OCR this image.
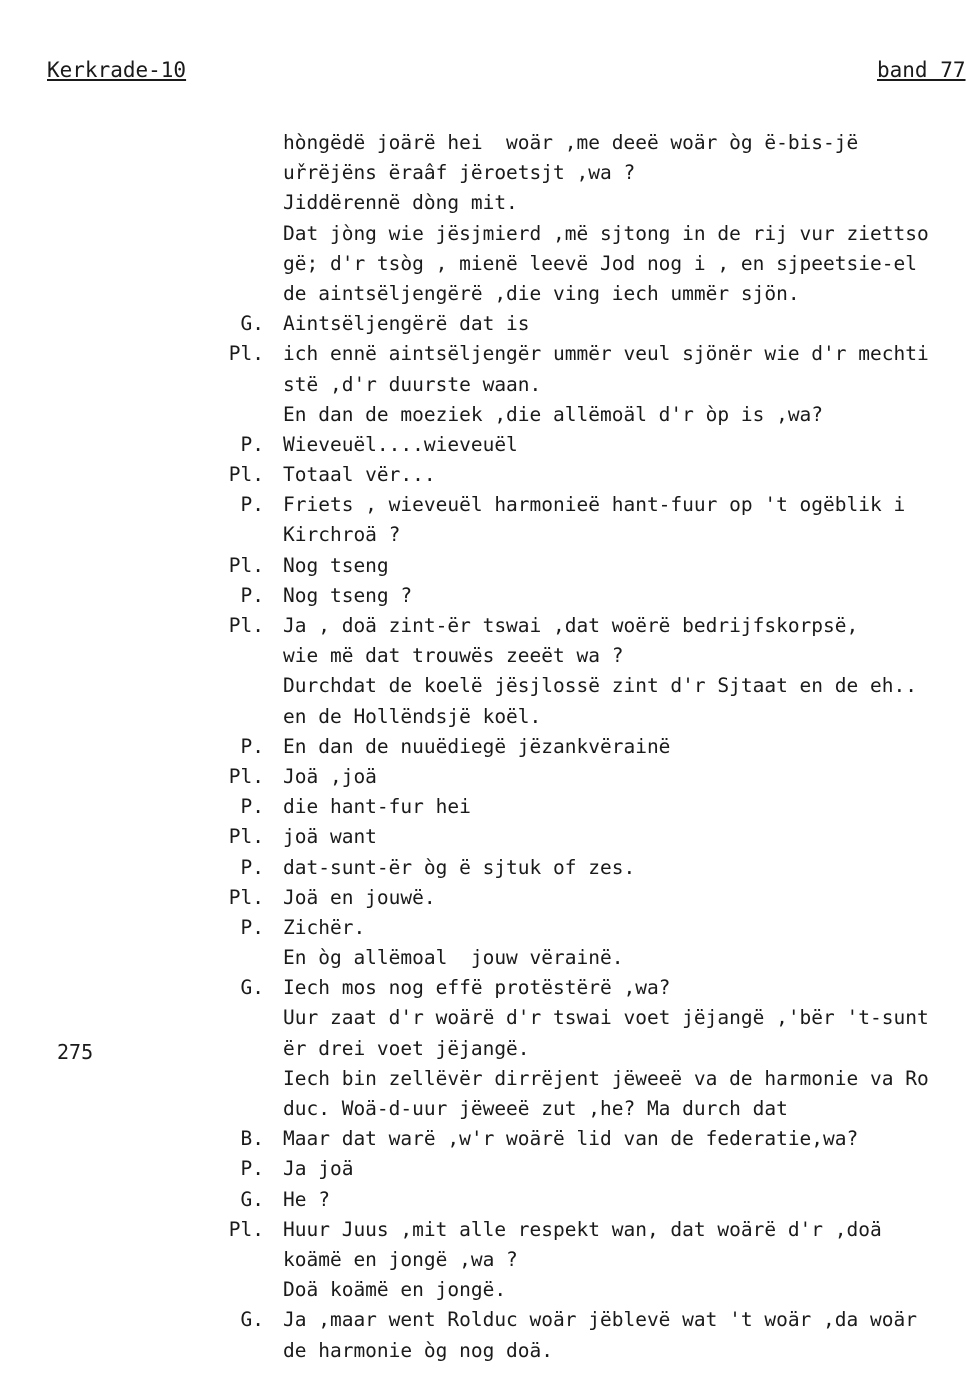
Kerkrade-10	band 77
275
hòngëdë joärë hei  woär ,me deeë woär òg ë-bis-jë
uřrëjëns ëraâf jëroetsjt ,wa ?
Jiddërennë dòng mit.
Dat jòng wie jësjmierd ,më sjtong in de rij vur ziettso
gë; d'r tsòg , mienë leevë Jod nog i , en sjpeetsie-el
de aintsëljengërë ,die ving iech ummër sjön.
G. Aintsëljengërë dat is
Pl. ich ennë aintsëljengër ummër veul sjönër wie d'r mechti
stë ,d'r duurste waan.
En dan de moeziek ,die allëmoäl d'r òp is ,wa?
P. Wieveuël....wieveuël
Pl. Totaal vër...
P. Friets , wieveuël harmonieë hant-fuur op 't ogëblik i
Kirchroä ?
Pl. Nog tseng
P. Nog tseng ?
Pl. Ja , doä zint-ër tswai ,dat woërë bedrijfskorpsë,
wie më dat trouwës zeeët wa ?
Durchdat de koelë jësjlossë zint d'r Sjtaat en de eh..
en de Hollëndsjë koël.
P. En dan de nuuëdiegë jëzankvërainë
Pl. Joä ,joä
P. die hant-fur hei
Pl. joä want
P. dat-sunt-ër òg ë sjtuk of zes.
Pl. Joä en jouwë.
P. Zichër.
En òg allëmoal  jouw vërainë.
G. Iech mos nog effë protëstërë ,wa?
Uur zaat d'r woärë d'r tswai voet jëjangë ,'bër 't-sunt
ër drei voet jëjangë.
Iech bin zellëvër dirrëjent jëweeë va de harmonie va Ro
duc. Woä-d-uur jëweeë zut ,he? Ma durch dat
B. Maar dat warë ,w'r woärë lid van de federatie,wa?
P. Ja joä
G. He ?
Pl. Huur Juus ,mit alle respekt wan, dat woärë d'r ,doä
koämë en jongë ,wa ?
Doä koämë en jongë.
G. Ja ,maar went Rolduc woär jëblevë wat 't woär ,da woär
de harmonie òg nog doä.
